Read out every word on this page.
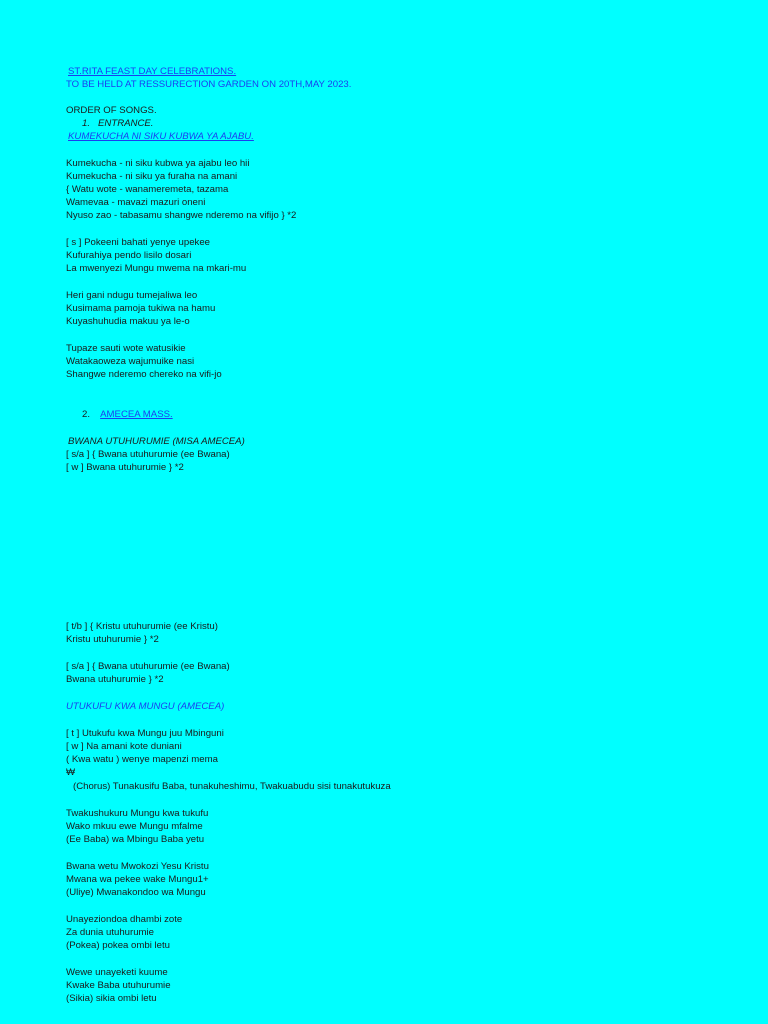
ST.RITA FEAST DAY CELEBRATIONS.
TO BE HELD AT RESSURECTION GARDEN ON 20TH,MAY 2023.
ORDER OF SONGS.
1. ENTRANCE.
KUMEKUCHA NI SIKU KUBWA YA AJABU.
Kumekucha - ni siku kubwa ya ajabu leo hii
Kumekucha - ni siku ya furaha na amani
{ Watu wote - wanameremeta, tazama
Wamevaa - mavazi mazuri oneni
Nyuso zao - tabasamu shangwe nderemo na vifijo } *2
[ s ] Pokeeni bahati yenye upekee
Kufurahiya pendo lisilo dosari
La mwenyezi Mungu mwema na mkari-mu
Heri gani ndugu tumejaliwa leo
Kusimama pamoja tukiwa na hamu
Kuyashuhudia makuu ya le-o
Tupaze sauti wote watusikie
Watakaoweza wajumuike nasi
Shangwe nderemo chereko na vifi-jo
2. AMECEA MASS.
BWANA UTUHURUMIE (MISA AMECEA)
[ s/a ] { Bwana utuhurumie (ee Bwana)
[ w ] Bwana utuhurumie } *2
[ t/b ] { Kristu utuhurumie (ee Kristu)
Kristu utuhurumie } *2
[ s/a ] { Bwana utuhurumie (ee Bwana)
Bwana utuhurumie } *2
UTUKUFU KWA MUNGU (AMECEA)
[ t ] Utukufu kwa Mungu juu Mbinguni
[ w ] Na amani kote duniani
( Kwa watu ) wenye mapenzi mema
₩
(Chorus) Tunakusifu Baba, tunakuheshimu, Twakuabudu sisi tunakutukuza
Twakushukuru Mungu kwa tukufu
Wako mkuu ewe Mungu mfalme
(Ee Baba) wa Mbingu Baba yetu
Bwana wetu Mwokozi Yesu Kristu
Mwana wa pekee wake Mungu1+
(Uliye) Mwanakondoo wa Mungu
Unayeziondoa dhambi zote
Za dunia utuhurumie
(Pokea) pokea ombi letu
Wewe unayeketi kuume
Kwake Baba utuhurumie
(Sikia) sikia ombi letu
